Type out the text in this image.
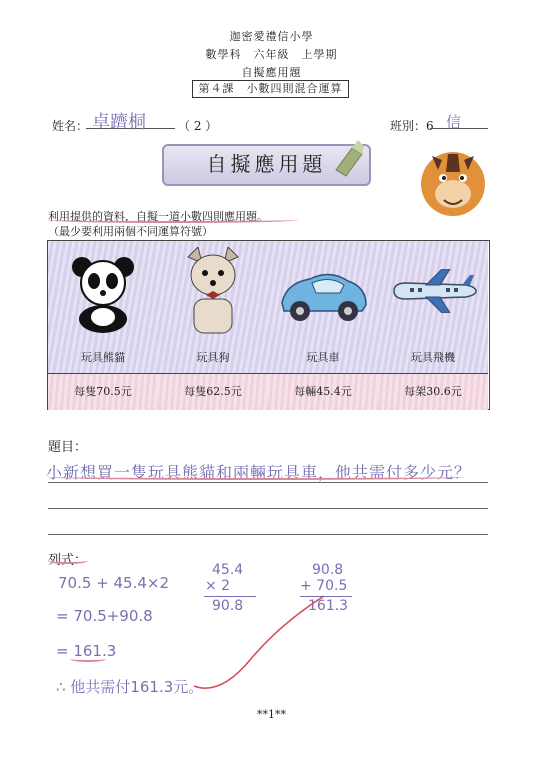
迦密愛禮信小學
數學科　六年級　上學期
自擬應用題
第４課　小數四則混合運算
姓名： 卓躋桐	（ 2 ）	班別：6 信
自擬應用題
利用提供的資料，自擬一道小數四則應用題。
（最少要利用兩個不同運算符號）
玩具熊貓
每隻70.5元
玩具狗
每隻62.5元
玩具車
每輛45.4元
玩具飛機
每架30.6元
題目：
小新想買一隻玩具熊貓和兩輛玩具車，他共需付多少元？
列式：
70.5 + 45.4×2
= 70.5+90.8
= 161.3
∴ 他共需付161.3元。
45.4
× 2
90.8
90.8
+ 70.5
161.3
**1**
